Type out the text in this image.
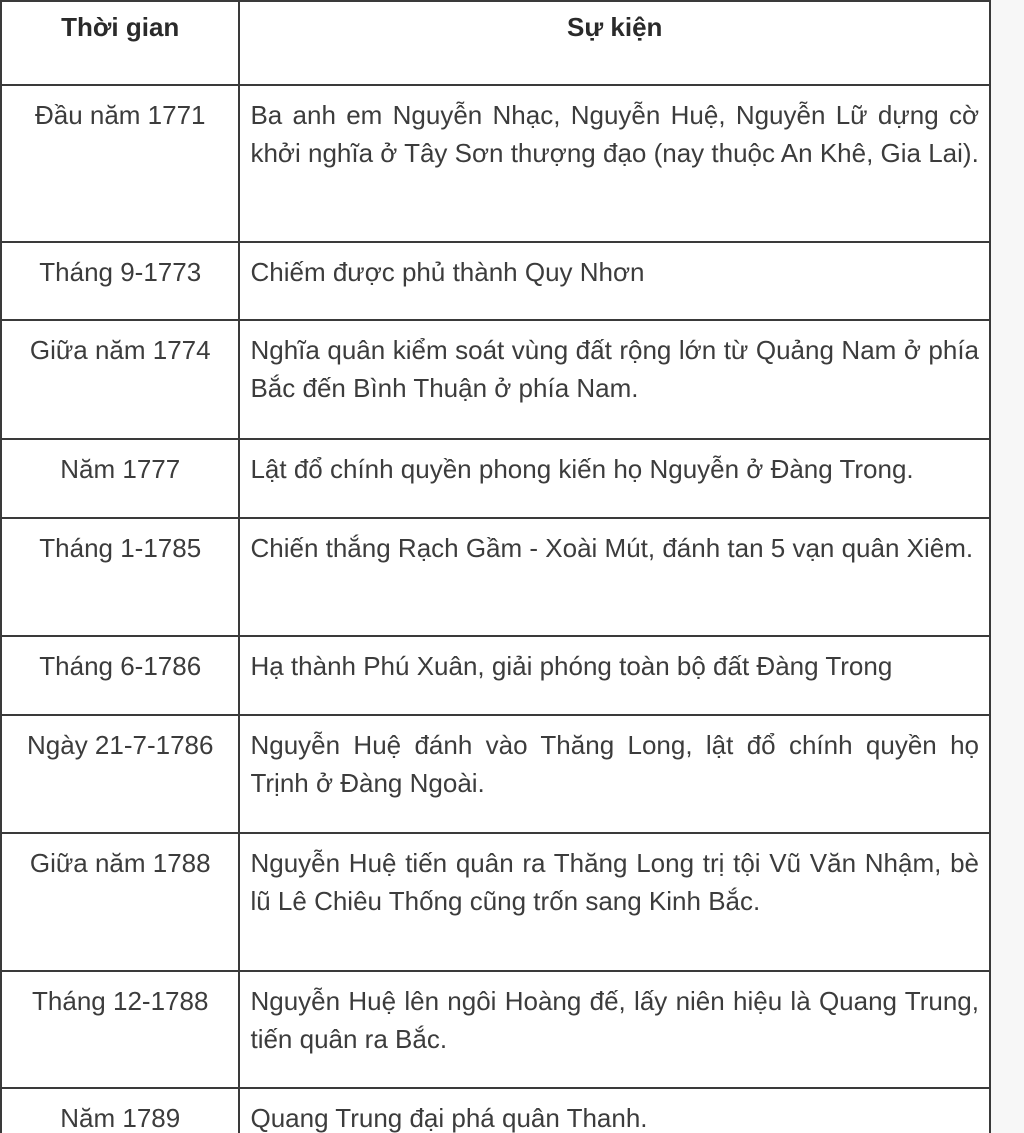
Thời gian	Sự kiện
Đầu năm 1771	Ba anh em Nguyễn Nhạc, Nguyễn Huệ, Nguyễn Lữ dựng cờ khởi nghĩa ở Tây Sơn thượng đạo (nay thuộc An Khê, Gia Lai).
Tháng 9-1773	Chiếm được phủ thành Quy Nhơn
Giữa năm 1774	Nghĩa quân kiểm soát vùng đất rộng lớn từ Quảng Nam ở phía Bắc đến Bình Thuận ở phía Nam.
Năm 1777	Lật đổ chính quyền phong kiến họ Nguyễn ở Đàng Trong.
Tháng 1-1785	Chiến thắng Rạch Gầm - Xoài Mút, đánh tan 5 vạn quân Xiêm.
Tháng 6-1786	Hạ thành Phú Xuân, giải phóng toàn bộ đất Đàng Trong
Ngày 21-7-1786	Nguyễn Huệ đánh vào Thăng Long, lật đổ chính quyền họ Trịnh ở Đàng Ngoài.
Giữa năm 1788	Nguyễn Huệ tiến quân ra Thăng Long trị tội Vũ Văn Nhậm, bè lũ Lê Chiêu Thống cũng trốn sang Kinh Bắc.
Tháng 12-1788	Nguyễn Huệ lên ngôi Hoàng đế, lấy niên hiệu là Quang Trung, tiến quân ra Bắc.
Năm 1789	Quang Trung đại phá quân Thanh.
